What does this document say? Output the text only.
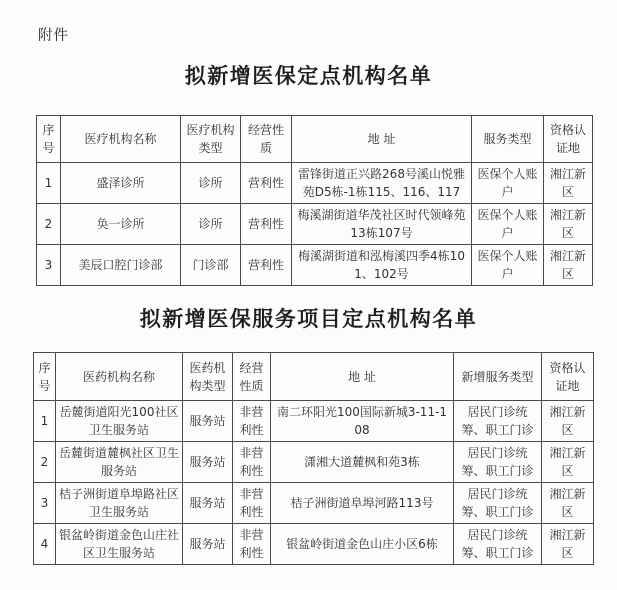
附件
拟新增医保定点机构名单
序号	医疗机构名称	医疗机构类型	经营性质	地 址	服务类型	资格认证地
1	盛泽诊所	诊所	营利性	雷锋街道正兴路268号溪山悦雅苑D5栋-1栋115、116、117	医保个人账户	湘江新区
2	奂一诊所	诊所	营利性	梅溪湖街道华茂社区时代领峰苑13栋107号	医保个人账户	湘江新区
3	美辰口腔门诊部	门诊部	营利性	梅溪湖街道和泓梅溪四季4栋101、102号	医保个人账户	湘江新区
拟新增医保服务项目定点机构名单
序号	医药机构名称	医药机构类型	经营性质	地 址	新增服务类型	资格认证地
1	岳麓街道阳光100社区卫生服务站	服务站	非营利性	南二环阳光100国际新城3-11-108	居民门诊统筹、职工门诊	湘江新区
2	岳麓街道麓枫社区卫生服务站	服务站	非营利性	潇湘大道麓枫和苑3栋	居民门诊统筹、职工门诊	湘江新区
3	桔子洲街道阜埠路社区卫生服务站	服务站	非营利性	桔子洲街道阜埠河路113号	居民门诊统筹、职工门诊	湘江新区
4	银盆岭街道金色山庄社区卫生服务站	服务站	非营利性	银盆岭街道金色山庄小区6栋	居民门诊统筹、职工门诊	湘江新区
